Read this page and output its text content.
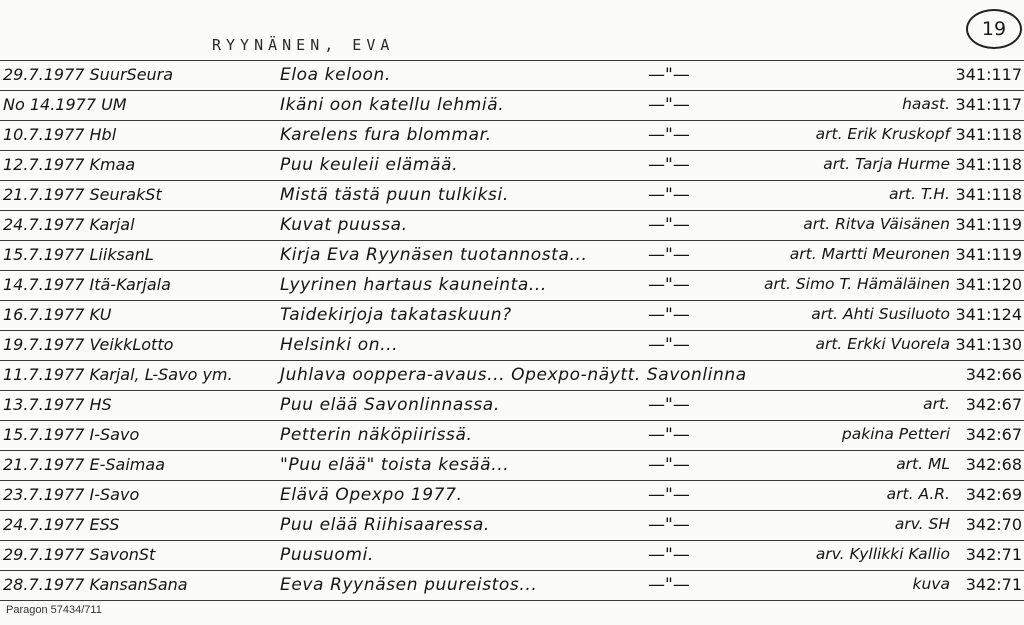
19
RYYNÄNEN, EVA
29.7.1977 SuurSeura	Eloa keloon.	—"—	341:117
No 14.1977 UM	Ikäni oon katellu lehmiä.	—"—	haast. 341:117
10.7.1977 Hbl	Karelens fura blommar.	—"—	art. Erik Kruskopf 341:118
12.7.1977 Kmaa	Puu keuleii elämää.	—"—	art. Tarja Hurme 341:118
21.7.1977 SeurakSt	Mistä tästä puun tulkiksi.	—"—	art. T.H. 341:118
24.7.1977 Karjal	Kuvat puussa.	—"—	art. Ritva Väisänen 341:119
15.7.1977 LiiksanL	Kirja Eva Ryynäsen tuotannosta...	—"—	art. Martti Meuronen 341:119
14.7.1977 Itä-Karjala	Lyyrinen hartaus kauneinta...	—"—	art. Simo T. Hämäläinen 341:120
16.7.1977 KU	Taidekirjoja takataskuun?	—"—	art. Ahti Susiluoto 341:124
19.7.1977 VeikkLotto	Helsinki on...	—"—	art. Erkki Vuorela 341:130
11.7.1977 Karjal, L-Savo ym.	Juhlava ooppera-avaus... Opexpo-näytt. Savonlinna	342:66
13.7.1977 HS	Puu elää Savonlinnassa.	—"—	art. 342:67
15.7.1977 I-Savo	Petterin näköpiirissä.	—"—	pakina Petteri 342:67
21.7.1977 E-Saimaa	"Puu elää" toista kesää...	—"—	art. ML 342:68
23.7.1977 I-Savo	Elävä Opexpo 1977.	—"—	art. A.R. 342:69
24.7.1977 ESS	Puu elää Riihisaaressa.	—"—	arv. SH 342:70
29.7.1977 SavonSt	Puusuomi.	—"—	arv. Kyllikki Kallio 342:71
28.7.1977 KansanSana	Eeva Ryynäsen puureistos...	—"—	kuva 342:71
Paragon 57434/711
